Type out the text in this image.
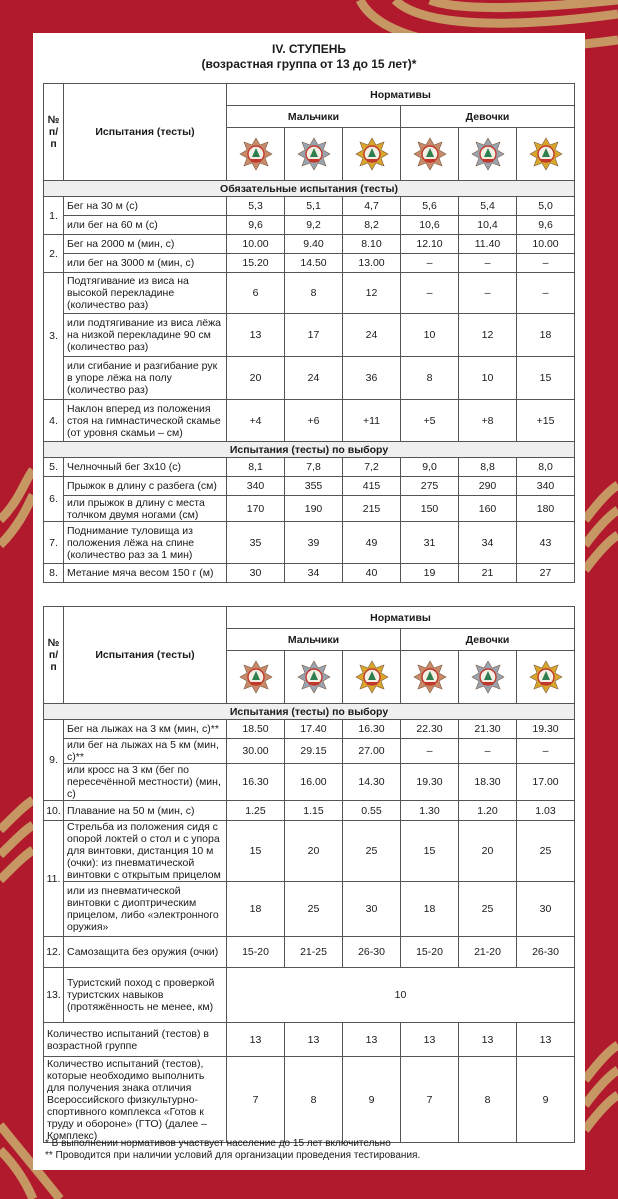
IV. СТУПЕНЬ
(возрастная группа от 13 до 15 лет)*
№ п/п	Испытания (тесты)	Нормативы					
		Мальчики			Девочки		

Обязательные испытания (тесты)							
1.	Бег на 30 м (с)	5,3	5,1	4,7	5,6	5,4	5,0
	или бег на 60 м (с)	9,6	9,2	8,2	10,6	10,4	9,6
2.	Бег на 2000 м (мин, с)	10.00	9.40	8.10	12.10	11.40	10.00
	или бег на 3000 м (мин, с)	15.20	14.50	13.00	–	–	–
3.	Подтягивание из виса на высокой перекладине (количество раз)	6	8	12	–	–	–
	или подтягивание из виса лёжа на низкой перекладине 90 см (количество раз)	13	17	24	10	12	18
	или сгибание и разгибание рук в упоре лёжа на полу (количество раз)	20	24	36	8	10	15
4.	Наклон вперед из положения стоя на гимнастической скамье (от уровня скамьи – см)	+4	+6	+11	+5	+8	+15
Испытания (тесты) по выбору							
5.	Челночный бег 3х10 (с)	8,1	7,8	7,2	9,0	8,8	8,0
6.	Прыжок в длину с разбега (см)	340	355	415	275	290	340
	или прыжок в длину с места толчком двумя ногами (см)	170	190	215	150	160	180
7.	Поднимание туловища из положения лёжа на спине (количество раз за 1 мин)	35	39	49	31	34	43
8.	Метание мяча весом 150 г (м)	30	34	40	19	21	27
№ п/п	Испытания (тесты)	Нормативы					
		Мальчики			Девочки		

Испытания (тесты) по выбору							
9.	Бег на лыжах на 3 км (мин, с)**	18.50	17.40	16.30	22.30	21.30	19.30
	или бег на лыжах на 5 км (мин, с)**	30.00	29.15	27.00	–	–	–
	или кросс на 3 км (бег по пересечённой местности) (мин, с)	16.30	16.00	14.30	19.30	18.30	17.00
10.	Плавание на 50 м (мин, с)	1.25	1.15	0.55	1.30	1.20	1.03
11.	Стрельба из положения сидя с опорой локтей о стол и с упора для винтовки, дистанция 10 м (очки): из пневматической винтовки с открытым прицелом	15	20	25	15	20	25
	или из пневматической винтовки с диоптрическим прицелом, либо «электронного оружия»	18	25	30	18	25	30
12.	Самозащита без оружия (очки)	15-20	21-25	26-30	15-20	21-20	26-30
13.	Туристский поход с проверкой туристских навыков (протяжённость не менее, км)	10					
Количество испытаний (тестов) в возрастной группе		13	13	13	13	13	13
Количество испытаний (тестов), которые необходимо выполнить для получения знака отличия Всероссийского физкультурно-спортивного комплекса «Готов к труду и обороне» (ГТО) (далее – Комплекс)		7	8	9	7	8	9
* В выполнении нормативов участвует население до 15 лет включительно
** Проводится при наличии условий для организации проведения тестирования.
